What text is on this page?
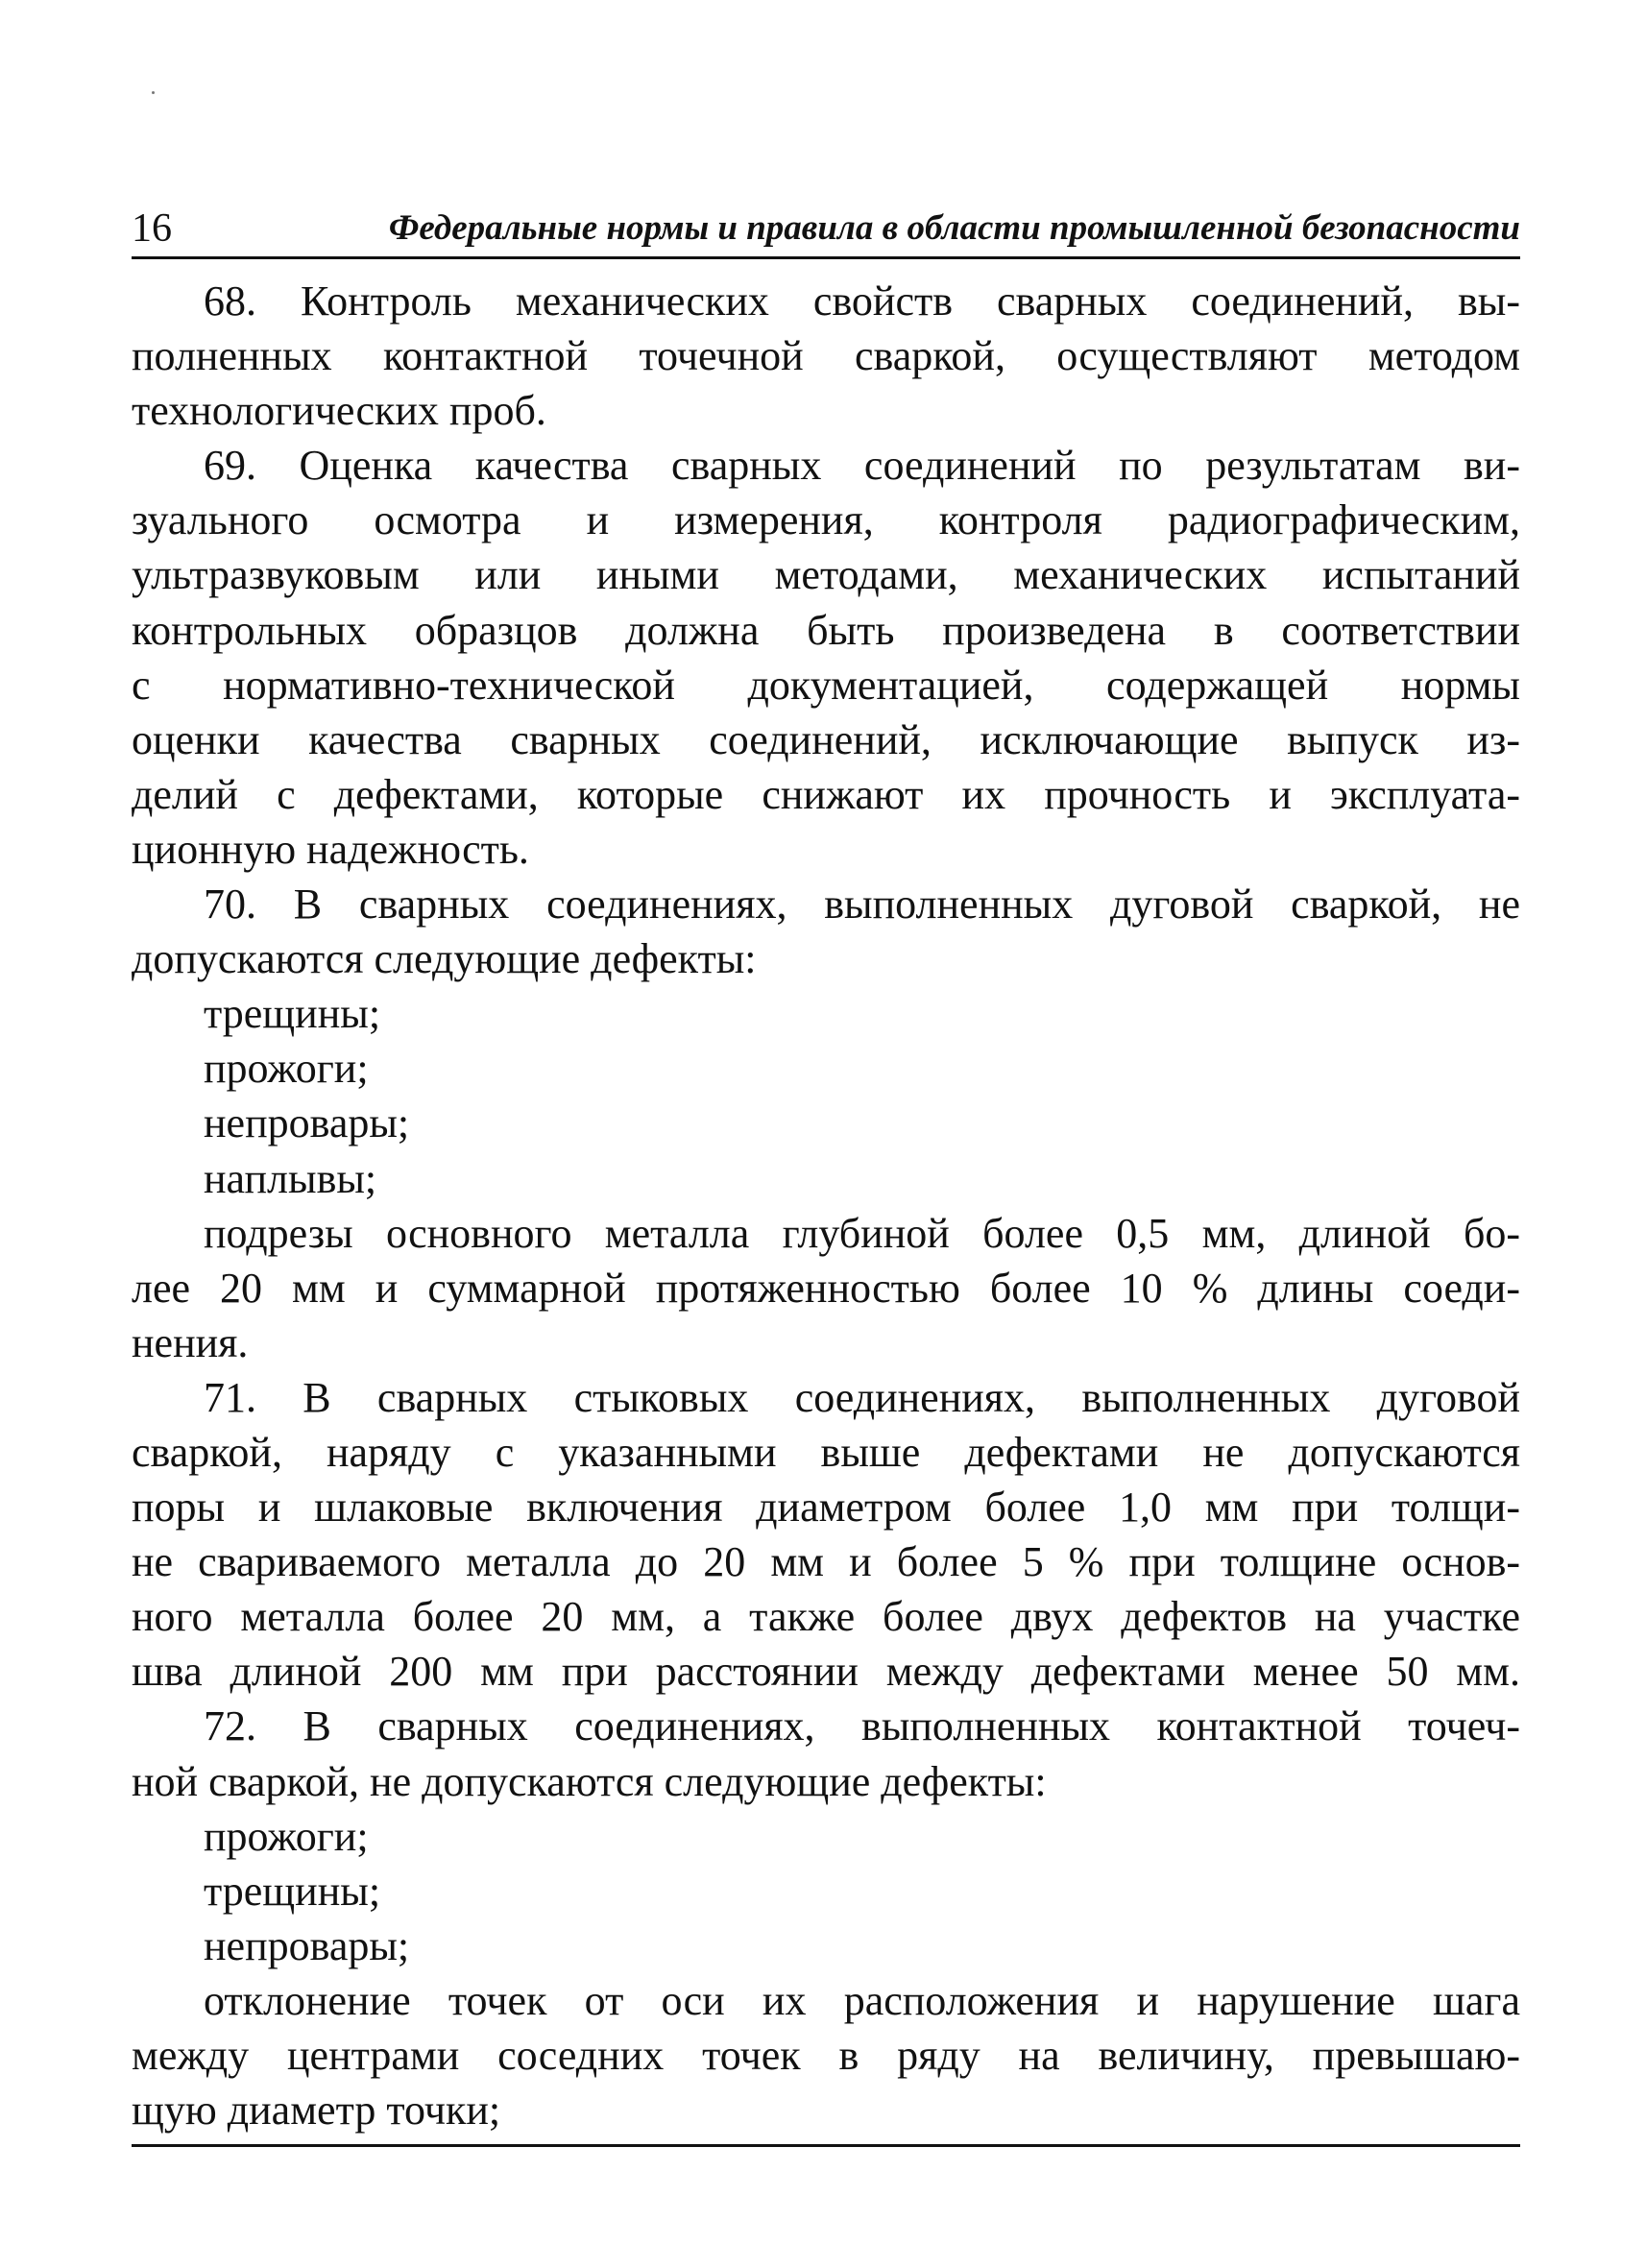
16	Федеральные нормы и правила в области промышленной безопасности
68. Контроль механических свойств сварных соединений, вы-
полненных контактной точечной сваркой, осуществляют методом
технологических проб.
69. Оценка качества сварных соединений по результатам ви-
зуального осмотра и измерения, контроля радиографическим,
ультразвуковым или иными методами, механических испытаний
контрольных образцов должна быть произведена в соответствии
с нормативно-технической документацией, содержащей нормы
оценки качества сварных соединений, исключающие выпуск из-
делий с дефектами, которые снижают их прочность и эксплуата-
ционную надежность.
70. В сварных соединениях, выполненных дуговой сваркой, не
допускаются следующие дефекты:
трещины;
прожоги;
непровары;
наплывы;
подрезы основного металла глубиной более 0,5 мм, длиной бо-
лее 20 мм и суммарной протяженностью более 10 % длины соеди-
нения.
71. В сварных стыковых соединениях, выполненных дуговой
сваркой, наряду с указанными выше дефектами не допускаются
поры и шлаковые включения диаметром более 1,0 мм при толщи-
не свариваемого металла до 20 мм и более 5 % при толщине основ-
ного металла более 20 мм, а также более двух дефектов на участке
шва длиной 200 мм при расстоянии между дефектами менее 50 мм.
72. В сварных соединениях, выполненных контактной точеч-
ной сваркой, не допускаются следующие дефекты:
прожоги;
трещины;
непровары;
отклонение точек от оси их расположения и нарушение шага
между центрами соседних точек в ряду на величину, превышаю-
щую диаметр точки;
